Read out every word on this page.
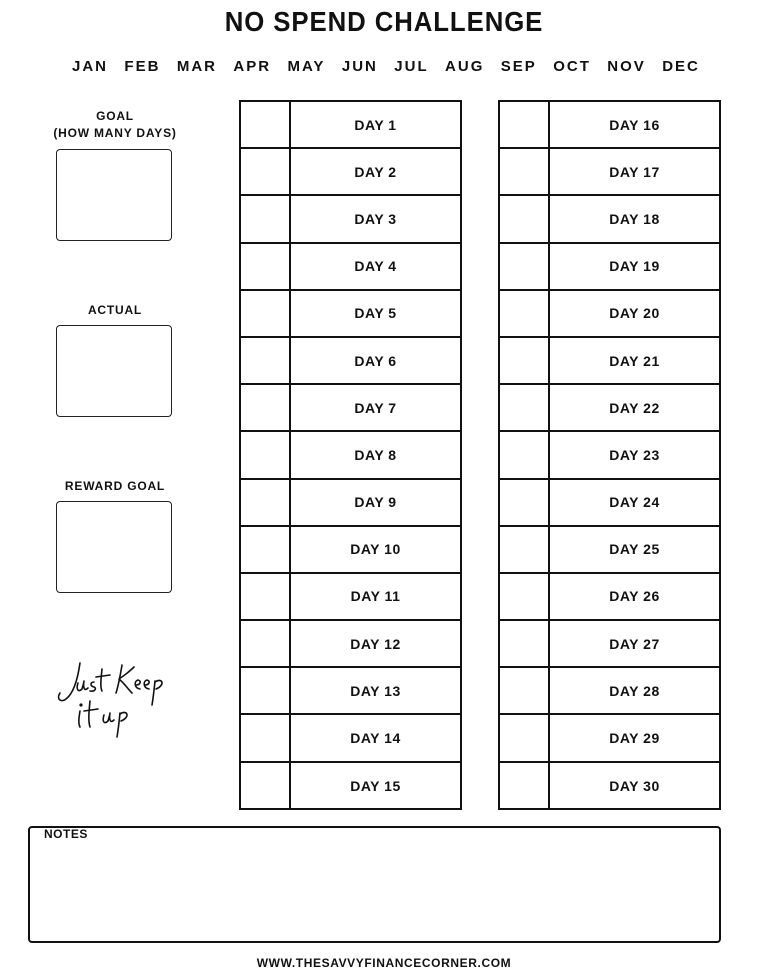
NO SPEND CHALLENGE
JAN FEB MAR APR MAY JUN JUL AUG SEP OCT NOV DEC
GOAL
(HOW MANY DAYS)
ACTUAL
REWARD GOAL
DAY 1
DAY 2
DAY 3
DAY 4
DAY 5
DAY 6
DAY 7
DAY 8
DAY 9
DAY 10
DAY 11
DAY 12
DAY 13
DAY 14
DAY 15
DAY 16
DAY 17
DAY 18
DAY 19
DAY 20
DAY 21
DAY 22
DAY 23
DAY 24
DAY 25
DAY 26
DAY 27
DAY 28
DAY 29
DAY 30
NOTES
WWW.THESAVVYFINANCECORNER.COM
